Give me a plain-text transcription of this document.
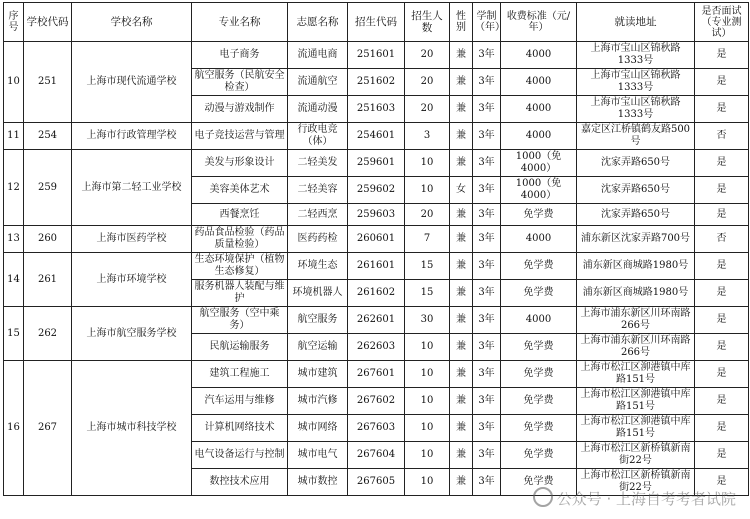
序号	学校代码	学校名称	专业名称	志愿名称	招生代码	招生人数	性别	学制（年）	收费标准（元/年）	就读地址	是否面试（专业测试）
10	251	上海市现代流通学校	电子商务	流通电商	251601	20	兼	3年	4000	上海市宝山区锦秋路1333号	是
			航空服务（民航安全检查）	流通航空	251602	20	兼	3年	4000	上海市宝山区锦秋路1333号	是
			动漫与游戏制作	流通动漫	251603	20	兼	3年	4000	上海市宝山区锦秋路1333号	是
11	254	上海市行政管理学校	电子竞技运营与管理	行政电竞（体）	254601	3	兼	3年	4000	嘉定区江桥镇鹤友路500号	否
12	259	上海市第二轻工业学校	美发与形象设计	二轻美发	259601	10	兼	3年	1000（免4000）	沈家弄路650号	是
			美容美体艺术	二轻美容	259602	10	女	3年	1000（免4000）	沈家弄路650号	是
			西餐烹饪	二轻西烹	259603	20	兼	3年	免学费	沈家弄路650号	是
13	260	上海市医药学校	药品食品检验（药品质量检验）	医药药检	260601	7	兼	3年	4000	浦东新区沈家弄路700号	否
14	261	上海市环境学校	生态环境保护（植物生态修复）	环境生态	261601	15	兼	3年	免学费	浦东新区商城路1980号	是
			服务机器人装配与维护	环境机器人	261602	15	兼	3年	免学费	浦东新区商城路1980号	是
15	262	上海市航空服务学校	航空服务（空中乘务）	航空服务	262601	30	兼	3年	4000	上海市浦东新区川环南路266号	是
			民航运输服务	航空运输	262603	10	兼	3年	免学费	上海市浦东新区川环南路266号	是
16	267	上海市城市科技学校	建筑工程施工	城市建筑	267601	10	兼	3年	免学费	上海市松江区泖港镇中库路151号	是
			汽车运用与维修	城市汽修	267602	10	兼	3年	免学费	上海市松江区泖港镇中库路151号	是
			计算机网络技术	城市网络	267603	10	兼	3年	免学费	上海市松江区泖港镇中库路151号	是
			电气设备运行与控制	城市电气	267604	10	兼	3年	免学费	上海市松江区新桥镇新南街22号	是
			数控技术应用	城市数控	267605	10	兼	3年	免学费	上海市松江区新桥镇新南街22号	是
公众号 · 上海自考考者试院
